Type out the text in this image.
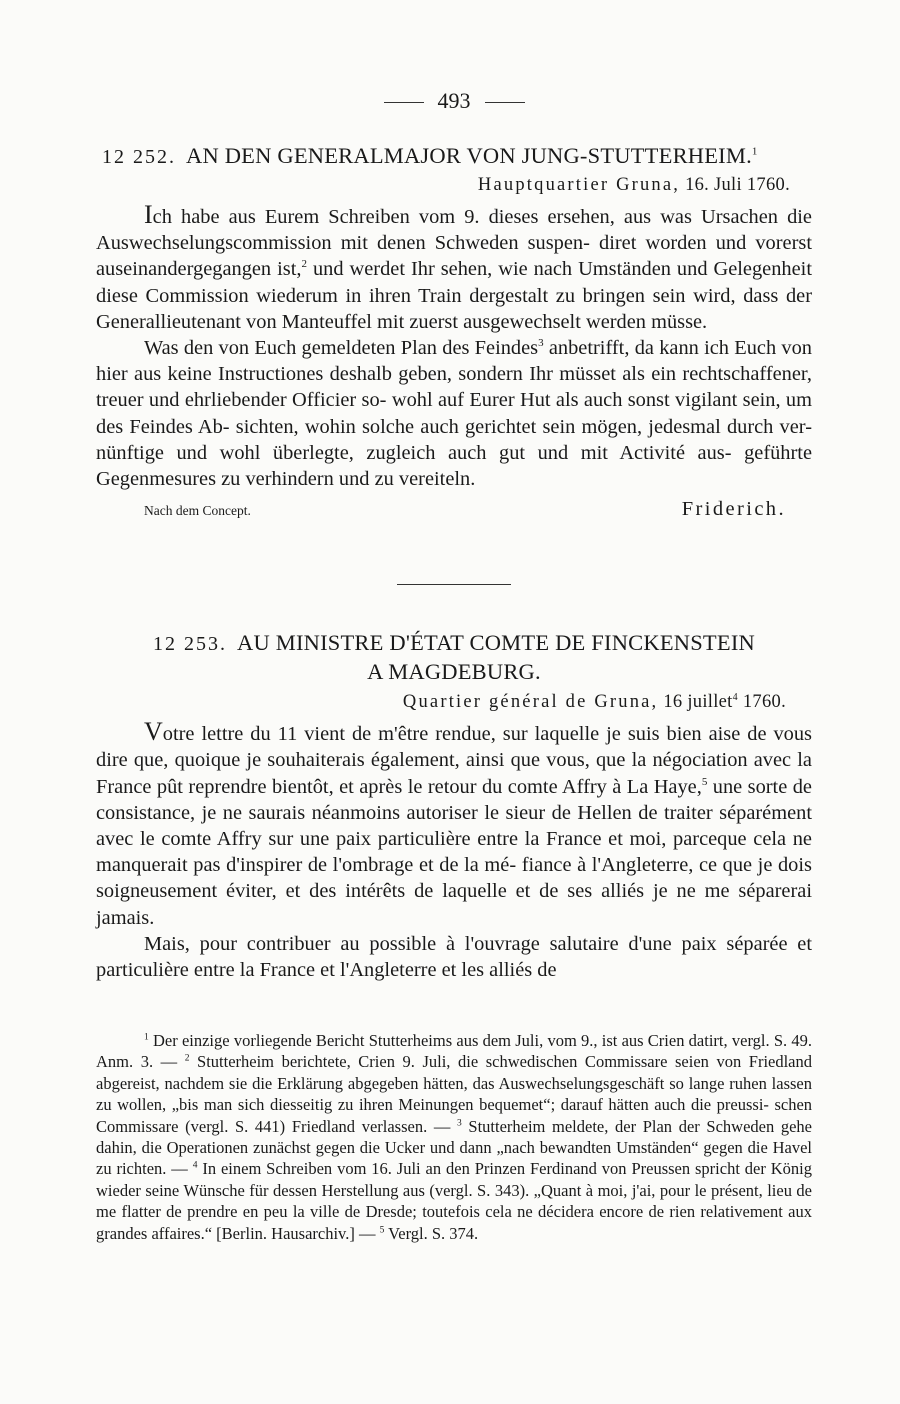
493
12 252. AN DEN GENERALMAJOR VON JUNG-STUTTERHEIM.$^1$
Hauptquartier Gruna, 16. Juli 1760.

Ich habe aus Eurem Schreiben vom 9. dieses ersehen, aus was Ursachen die Auswechselungscommission mit denen Schweden suspen- diret worden und vorerst auseinandergegangen ist,$^2$ und werdet Ihr sehen, wie nach Umständen und Gelegenheit diese Commission wiederum in ihren Train dergestalt zu bringen sein wird, dass der Generallieutenant von Manteuffel mit zuerst ausgewechselt werden müsse.

Was den von Euch gemeldeten Plan des Feindes$^3$ anbetrifft, da kann ich Euch von hier aus keine Instructiones deshalb geben, sondern Ihr müsset als ein rechtschaffener, treuer und ehrliebender Officier so- wohl auf Eurer Hut als auch sonst vigilant sein, um des Feindes Ab- sichten, wohin solche auch gerichtet sein mögen, jedesmal durch ver- nünftige und wohl überlegte, zugleich auch gut und mit Activité aus- geführte Gegenmesures zu verhindern und zu vereiteln.

Nach dem Concept.	Friderich.
12 253. AU MINISTRE D'ÉTAT COMTE DE FINCKENSTEIN
A MAGDEBURG.
Quartier général de Gruna, 16 juillet$^4$ 1760.

Votre lettre du 11 vient de m'être rendue, sur laquelle je suis bien aise de vous dire que, quoique je souhaiterais également, ainsi que vous, que la négociation avec la France pût reprendre bientôt, et après le retour du comte Affry à La Haye,$^5$ une sorte de consistance, je ne saurais néanmoins autoriser le sieur de Hellen de traiter séparément avec le comte Affry sur une paix particulière entre la France et moi, parceque cela ne manquerait pas d'inspirer de l'ombrage et de la mé- fiance à l'Angleterre, ce que je dois soigneusement éviter, et des intérêts de laquelle et de ses alliés je ne me séparerai jamais.

Mais, pour contribuer au possible à l'ouvrage salutaire d'une paix séparée et particulière entre la France et l'Angleterre et les alliés de

$^1$ Der einzige vorliegende Bericht Stutterheims aus dem Juli, vom 9., ist aus Crien datirt, vergl. S. 49. Anm. 3. — $^2$ Stutterheim berichtete, Crien 9. Juli, die schwedischen Commissare seien von Friedland abgereist, nachdem sie die Erklärung abgegeben hätten, das Auswechselungsgeschäft so lange ruhen lassen zu wollen, „bis man sich diesseitig zu ihren Meinungen bequemet“; darauf hätten auch die preussi- schen Commissare (vergl. S. 441) Friedland verlassen. — $^3$ Stutterheim meldete, der Plan der Schweden gehe dahin, die Operationen zunächst gegen die Ucker und dann „nach bewandten Umständen“ gegen die Havel zu richten. — $^4$ In einem Schreiben vom 16. Juli an den Prinzen Ferdinand von Preussen spricht der König wieder seine Wünsche für dessen Herstellung aus (vergl. S. 343). „Quant à moi, j'ai, pour le présent, lieu de me flatter de prendre en peu la ville de Dresde; toutefois cela ne décidera encore de rien relativement aux grandes affaires.“ [Berlin. Hausarchiv.] — $^5$ Vergl. S. 374.
